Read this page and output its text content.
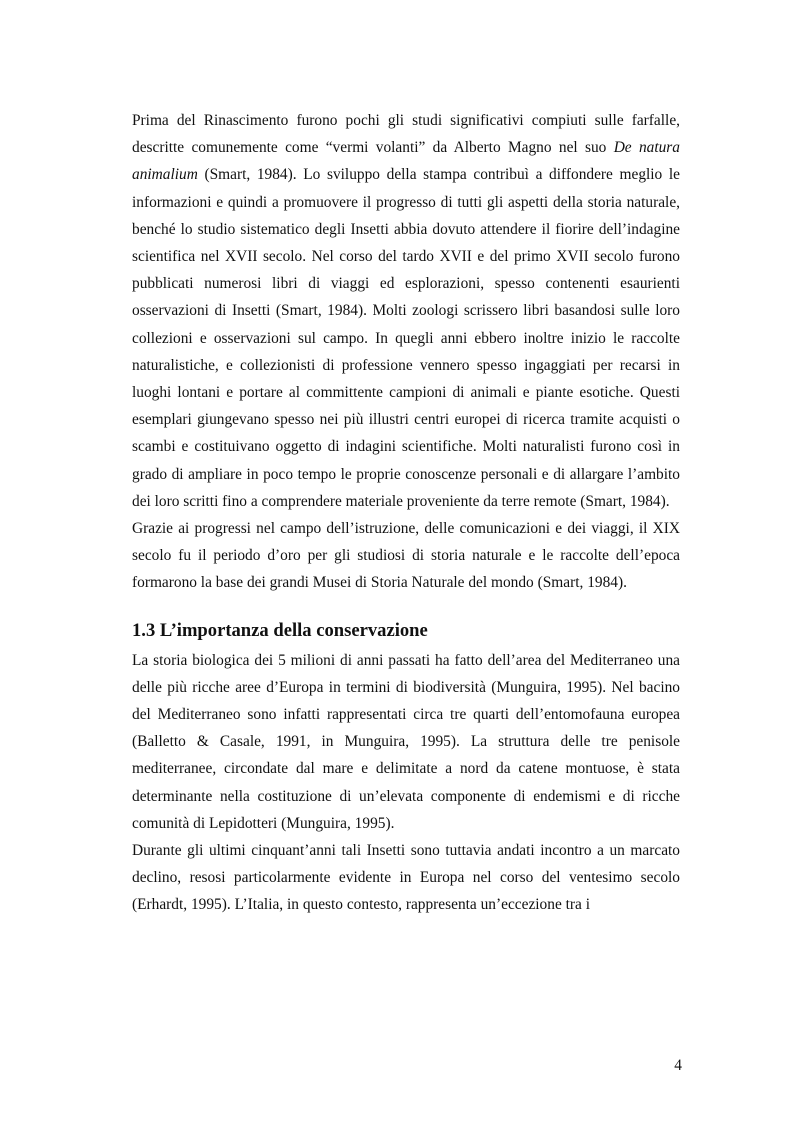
Prima del Rinascimento furono pochi gli studi significativi compiuti sulle farfalle, descritte comunemente come “vermi volanti” da Alberto Magno nel suo De natura animalium (Smart, 1984). Lo sviluppo della stampa contribuì a diffondere meglio le informazioni e quindi a promuovere il progresso di tutti gli aspetti della storia naturale, benché lo studio sistematico degli Insetti abbia dovuto attendere il fiorire dell’indagine scientifica nel XVII secolo. Nel corso del tardo XVII e del primo XVII secolo furono pubblicati numerosi libri di viaggi ed esplorazioni, spesso contenenti esaurienti osservazioni di Insetti (Smart, 1984). Molti zoologi scrissero libri basandosi sulle loro collezioni e osservazioni sul campo. In quegli anni ebbero inoltre inizio le raccolte naturalistiche, e collezionisti di professione vennero spesso ingaggiati per recarsi in luoghi lontani e portare al committente campioni di animali e piante esotiche. Questi esemplari giungevano spesso nei più illustri centri europei di ricerca tramite acquisti o scambi e costituivano oggetto di indagini scientifiche. Molti naturalisti furono così in grado di ampliare in poco tempo le proprie conoscenze personali e di allargare l’ambito dei loro scritti fino a comprendere materiale proveniente da terre remote (Smart, 1984).

Grazie ai progressi nel campo dell’istruzione, delle comunicazioni e dei viaggi, il XIX secolo fu il periodo d’oro per gli studiosi di storia naturale e le raccolte dell’epoca formarono la base dei grandi Musei di Storia Naturale del mondo (Smart, 1984).

1.3 L’importanza della conservazione

La storia biologica dei 5 milioni di anni passati ha fatto dell’area del Mediterraneo una delle più ricche aree d’Europa in termini di biodiversità (Munguira, 1995). Nel bacino del Mediterraneo sono infatti rappresentati circa tre quarti dell’entomofauna europea (Balletto & Casale, 1991, in Munguira, 1995). La struttura delle tre penisole mediterranee, circondate dal mare e delimitate a nord da catene montuose, è stata determinante nella costituzione di un’elevata componente di endemismi e di ricche comunità di Lepidotteri (Munguira, 1995).

Durante gli ultimi cinquant’anni tali Insetti sono tuttavia andati incontro a un marcato declino, resosi particolarmente evidente in Europa nel corso del ventesimo secolo (Erhardt, 1995). L’Italia, in questo contesto, rappresenta un’eccezione tra i

4
